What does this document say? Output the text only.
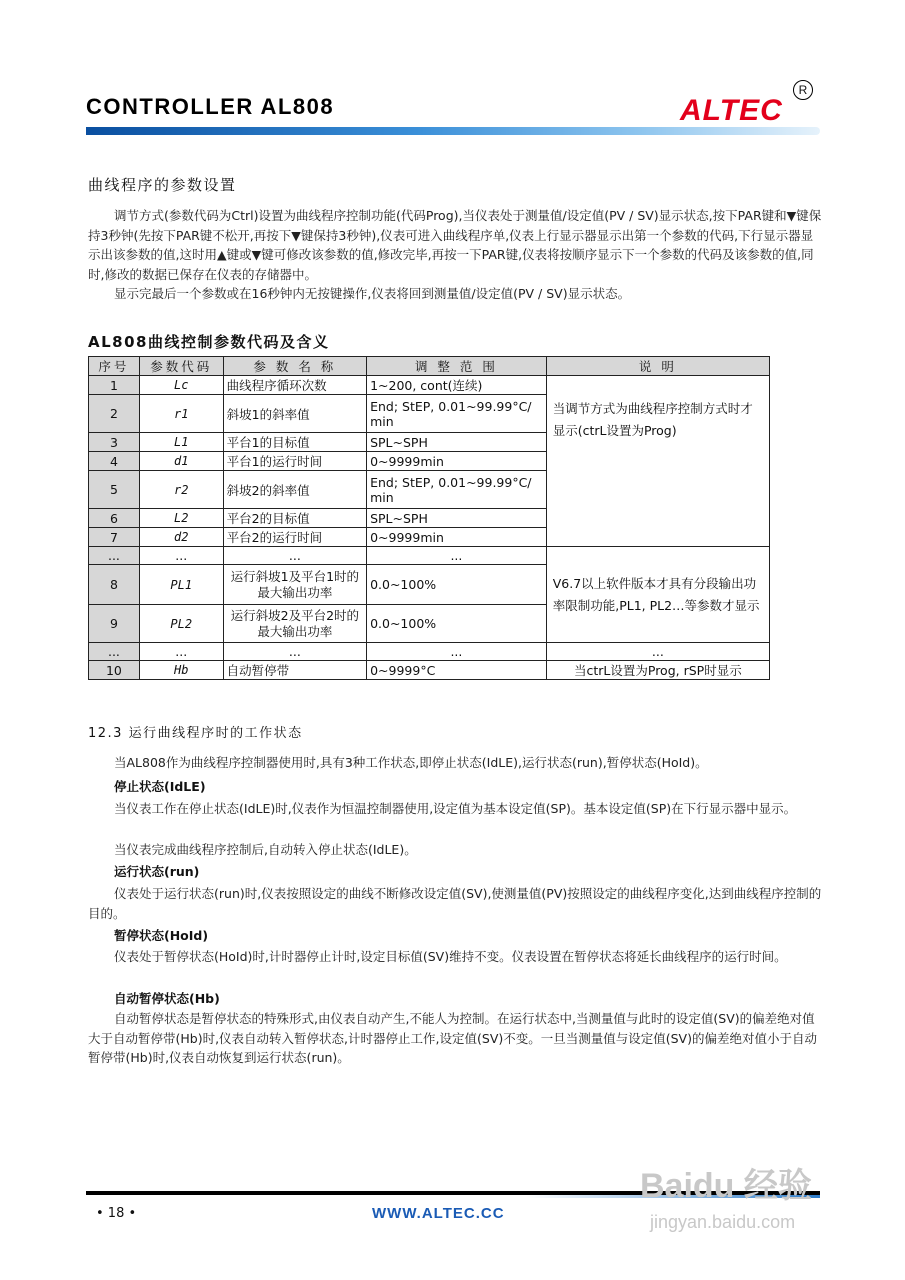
CONTROLLER AL808	ALTEC
R
曲线程序的参数设置
调节方式(参数代码为Ctrl)设置为曲线程序控制功能(代码Prog),当仪表处于测量值/设定值(PV / SV)显示状态,按下PAR键和▼键保持3秒钟(先按下PAR键不松开,再按下▼键保持3秒钟),仪表可进入曲线程序单,仪表上行显示器显示出第一个参数的代码,下行显示器显示出该参数的值,这时用▲键或▼键可修改该参数的值,修改完毕,再按一下PAR键,仪表将按顺序显示下一个参数的代码及该参数的值,同时,修改的数据已保存在仪表的存储器中。
显示完最后一个参数或在16秒钟内无按键操作,仪表将回到测量值/设定值(PV / SV)显示状态。
AL808曲线控制参数代码及含义
序号	参数代码	参 数 名 称	调 整 范 围	说 明
1	Lc	曲线程序循环次数	1~200, cont(连续)	当调节方式为曲线程序控制方式时才显示(ctrL设置为Prog)
2	r1	斜坡1的斜率值	End; StEP, 0.01~99.99°C/ min	
3	L1	平台1的目标值	SPL~SPH	
4	d1	平台1的运行时间	0~9999min	
5	r2	斜坡2的斜率值	End; StEP, 0.01~99.99°C/ min	
6	L2	平台2的目标值	SPL~SPH	
7	d2	平台2的运行时间	0~9999min	
...	...	...	...	V6.7以上软件版本才具有分段输出功率限制功能,PL1, PL2…等参数才显示
8	PL1	运行斜坡1及平台1时的最大输出功率	0.0~100%	
9	PL2	运行斜坡2及平台2时的最大输出功率	0.0~100%	
...	...	...	...	...
10	Hb	自动暂停带	0~9999°C	当ctrL设置为Prog, rSP时显示
12.3 运行曲线程序时的工作状态
当AL808作为曲线程序控制器使用时,具有3种工作状态,即停止状态(IdLE),运行状态(run),暂停状态(HoId)。
停止状态(IdLE)
当仪表工作在停止状态(IdLE)时,仪表作为恒温控制器使用,设定值为基本设定值(SP)。基本设定值(SP)在下行显示器中显示。
当仪表完成曲线程序控制后,自动转入停止状态(IdLE)。
运行状态(run)
仪表处于运行状态(run)时,仪表按照设定的曲线不断修改设定值(SV),使测量值(PV)按照设定的曲线程序变化,达到曲线程序控制的目的。
暂停状态(HoId)
仪表处于暂停状态(HoId)时,计时器停止计时,设定目标值(SV)维持不变。仪表设置在暂停状态将延长曲线程序的运行时间。
自动暂停状态(Hb)
自动暂停状态是暂停状态的特殊形式,由仪表自动产生,不能人为控制。在运行状态中,当测量值与此时的设定值(SV)的偏差绝对值大于自动暂停带(Hb)时,仪表自动转入暂停状态,计时器停止工作,设定值(SV)不变。一旦当测量值与设定值(SV)的偏差绝对值小于自动暂停带(Hb)时,仪表自动恢复到运行状态(run)。
• 18 •	WWW.ALTEC.CC
Baidu 经验
jingyan.baidu.com
